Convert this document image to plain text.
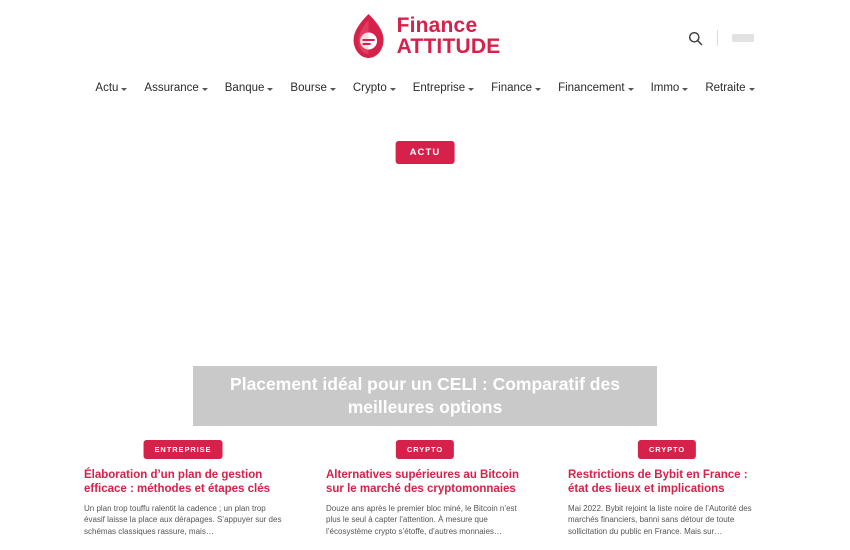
Finance
ATTITUDE
Actu Assurance Banque Bourse Crypto Entreprise Finance Financement Immo Retraite
ACTU
Placement idéal pour un CELI : Comparatif des meilleures options
ENTREPRISE
Élaboration d’un plan de gestion efficace : méthodes et étapes clés
Un plan trop touffu ralentit la cadence ; un plan trop évasif laisse la place aux dérapages. S’appuyer sur des schémas classiques rassure, mais…
CRYPTO
Alternatives supérieures au Bitcoin sur le marché des cryptomonnaies
Douze ans après le premier bloc miné, le Bitcoin n’est plus le seul à capter l’attention. À mesure que l’écosystème crypto s’étoffe, d’autres monnaies…
CRYPTO
Restrictions de Bybit en France : état des lieux et implications
Mai 2022. Bybit rejoint la liste noire de l’Autorité des marchés financiers, banni sans détour de toute sollicitation du public en France. Mais sur…
